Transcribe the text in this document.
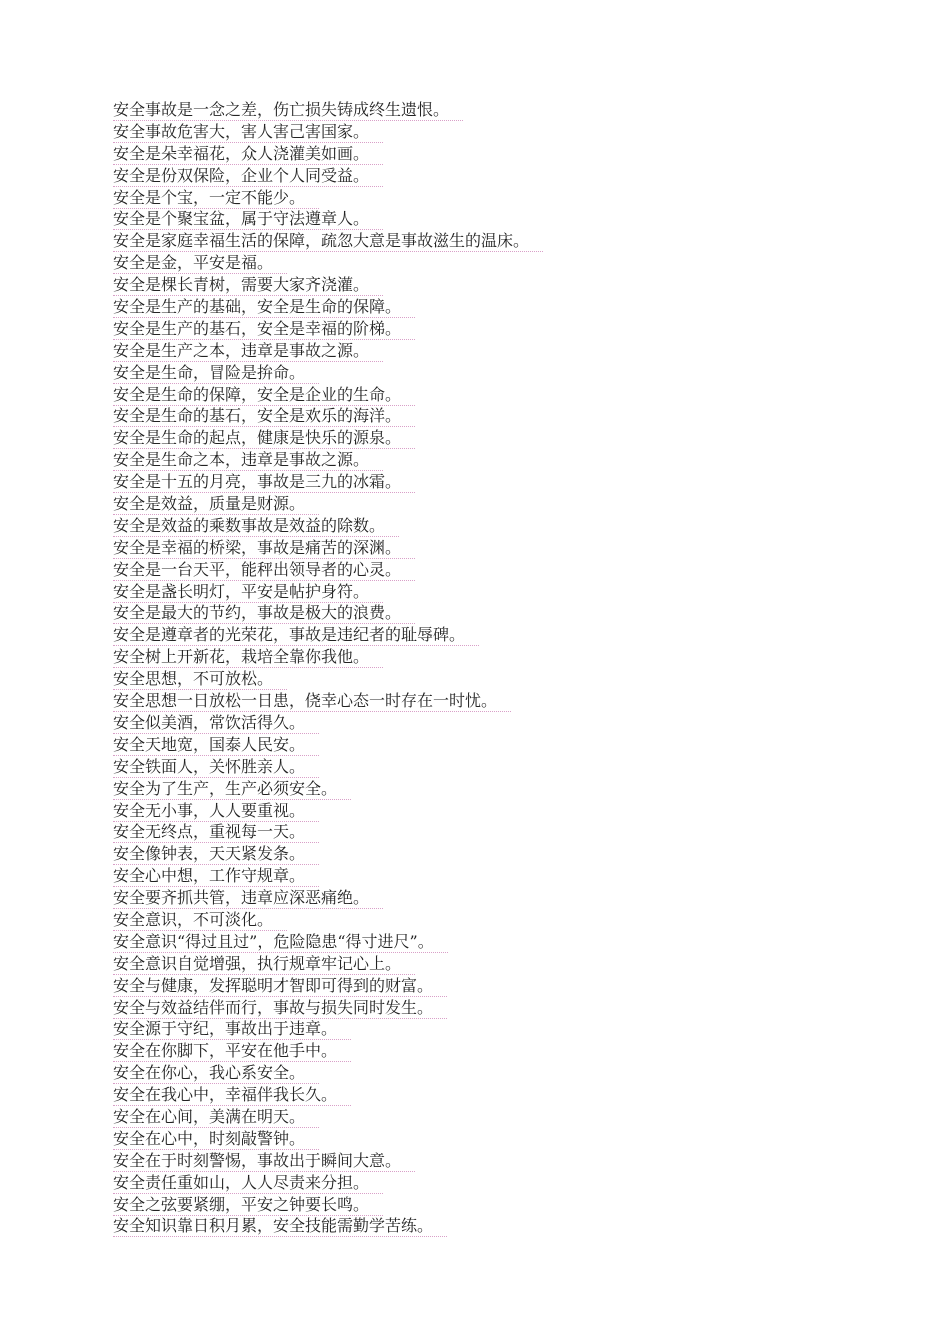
安全事故是一念之差，伤亡损失铸成终生遗恨。
安全事故危害大，害人害己害国家。
安全是朵幸福花，众人浇灌美如画。
安全是份双保险，企业个人同受益。
安全是个宝，一定不能少。
安全是个聚宝盆，属于守法遵章人。
安全是家庭幸福生活的保障，疏忽大意是事故滋生的温床。
安全是金，平安是福。
安全是棵长青树，需要大家齐浇灌。
安全是生产的基础，安全是生命的保障。
安全是生产的基石，安全是幸福的阶梯。
安全是生产之本，违章是事故之源。
安全是生命，冒险是拚命。
安全是生命的保障，安全是企业的生命。
安全是生命的基石，安全是欢乐的海洋。
安全是生命的起点，健康是快乐的源泉。
安全是生命之本，违章是事故之源。
安全是十五的月亮，事故是三九的冰霜。
安全是效益，质量是财源。
安全是效益的乘数事故是效益的除数。
安全是幸福的桥梁，事故是痛苦的深渊。
安全是一台天平，能秤出领导者的心灵。
安全是盏长明灯，平安是帖护身符。
安全是最大的节约，事故是极大的浪费。
安全是遵章者的光荣花，事故是违纪者的耻辱碑。
安全树上开新花，栽培全靠你我他。
安全思想，不可放松。
安全思想一日放松一日患，侥幸心态一时存在一时忧。
安全似美酒，常饮活得久。
安全天地宽，国泰人民安。
安全铁面人，关怀胜亲人。
安全为了生产，生产必须安全。
安全无小事，人人要重视。
安全无终点，重视每一天。
安全像钟表，天天紧发条。
安全心中想，工作守规章。
安全要齐抓共管，违章应深恶痛绝。
安全意识，不可淡化。
安全意识“得过且过”，危险隐患“得寸进尺”。
安全意识自觉增强，执行规章牢记心上。
安全与健康，发挥聪明才智即可得到的财富。
安全与效益结伴而行，事故与损失同时发生。
安全源于守纪，事故出于违章。
安全在你脚下，平安在他手中。
安全在你心，我心系安全。
安全在我心中，幸福伴我长久。
安全在心间，美满在明天。
安全在心中，时刻敲警钟。
安全在于时刻警惕，事故出于瞬间大意。
安全责任重如山，人人尽责来分担。
安全之弦要紧绷，平安之钟要长鸣。
安全知识靠日积月累，安全技能需勤学苦练。
